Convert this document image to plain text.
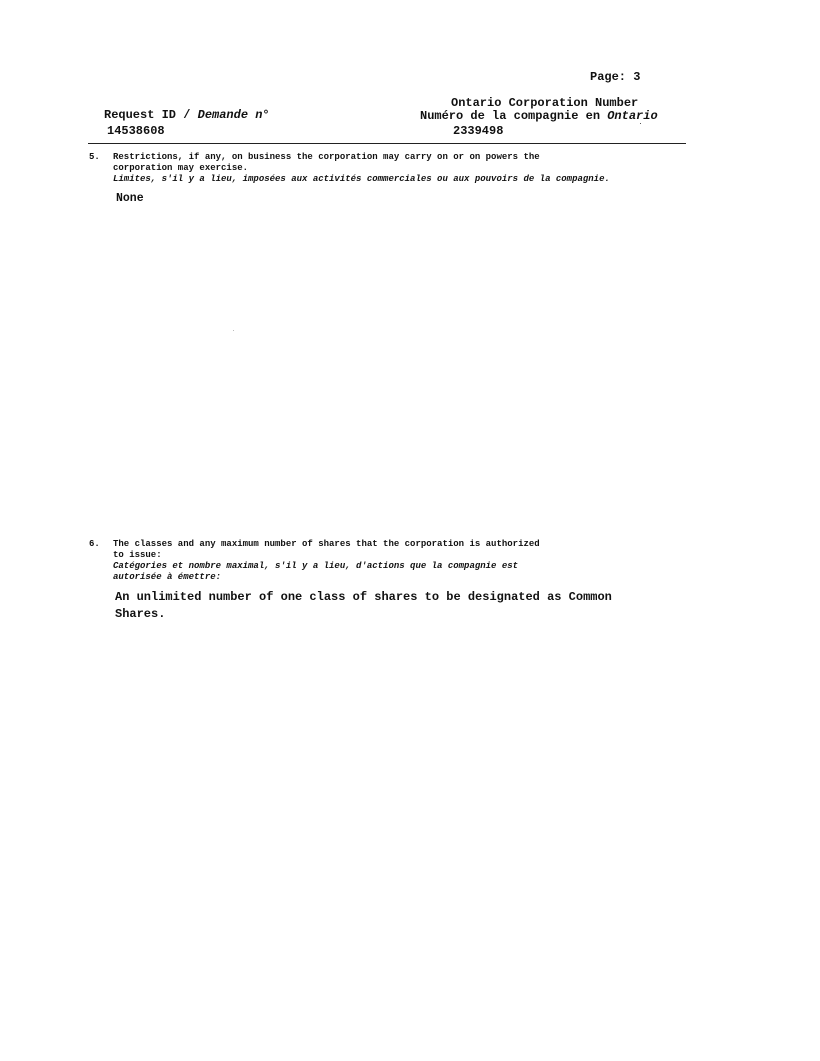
Page: 3
Request ID / Demande n°
14538608
Ontario Corporation Number
Numéro de la compagnie en Ontario
2339498
5. Restrictions, if any, on business the corporation may carry on or on powers the
corporation may exercise.
Limites, s'il y a lieu, imposées aux activités commerciales ou aux pouvoirs de la compagnie.
None
6. The classes and any maximum number of shares that the corporation is authorized
to issue:
Catégories et nombre maximal, s'il y a lieu, d'actions que la compagnie est
autorisée à émettre:
An unlimited number of one class of shares to be designated as Common
Shares.
